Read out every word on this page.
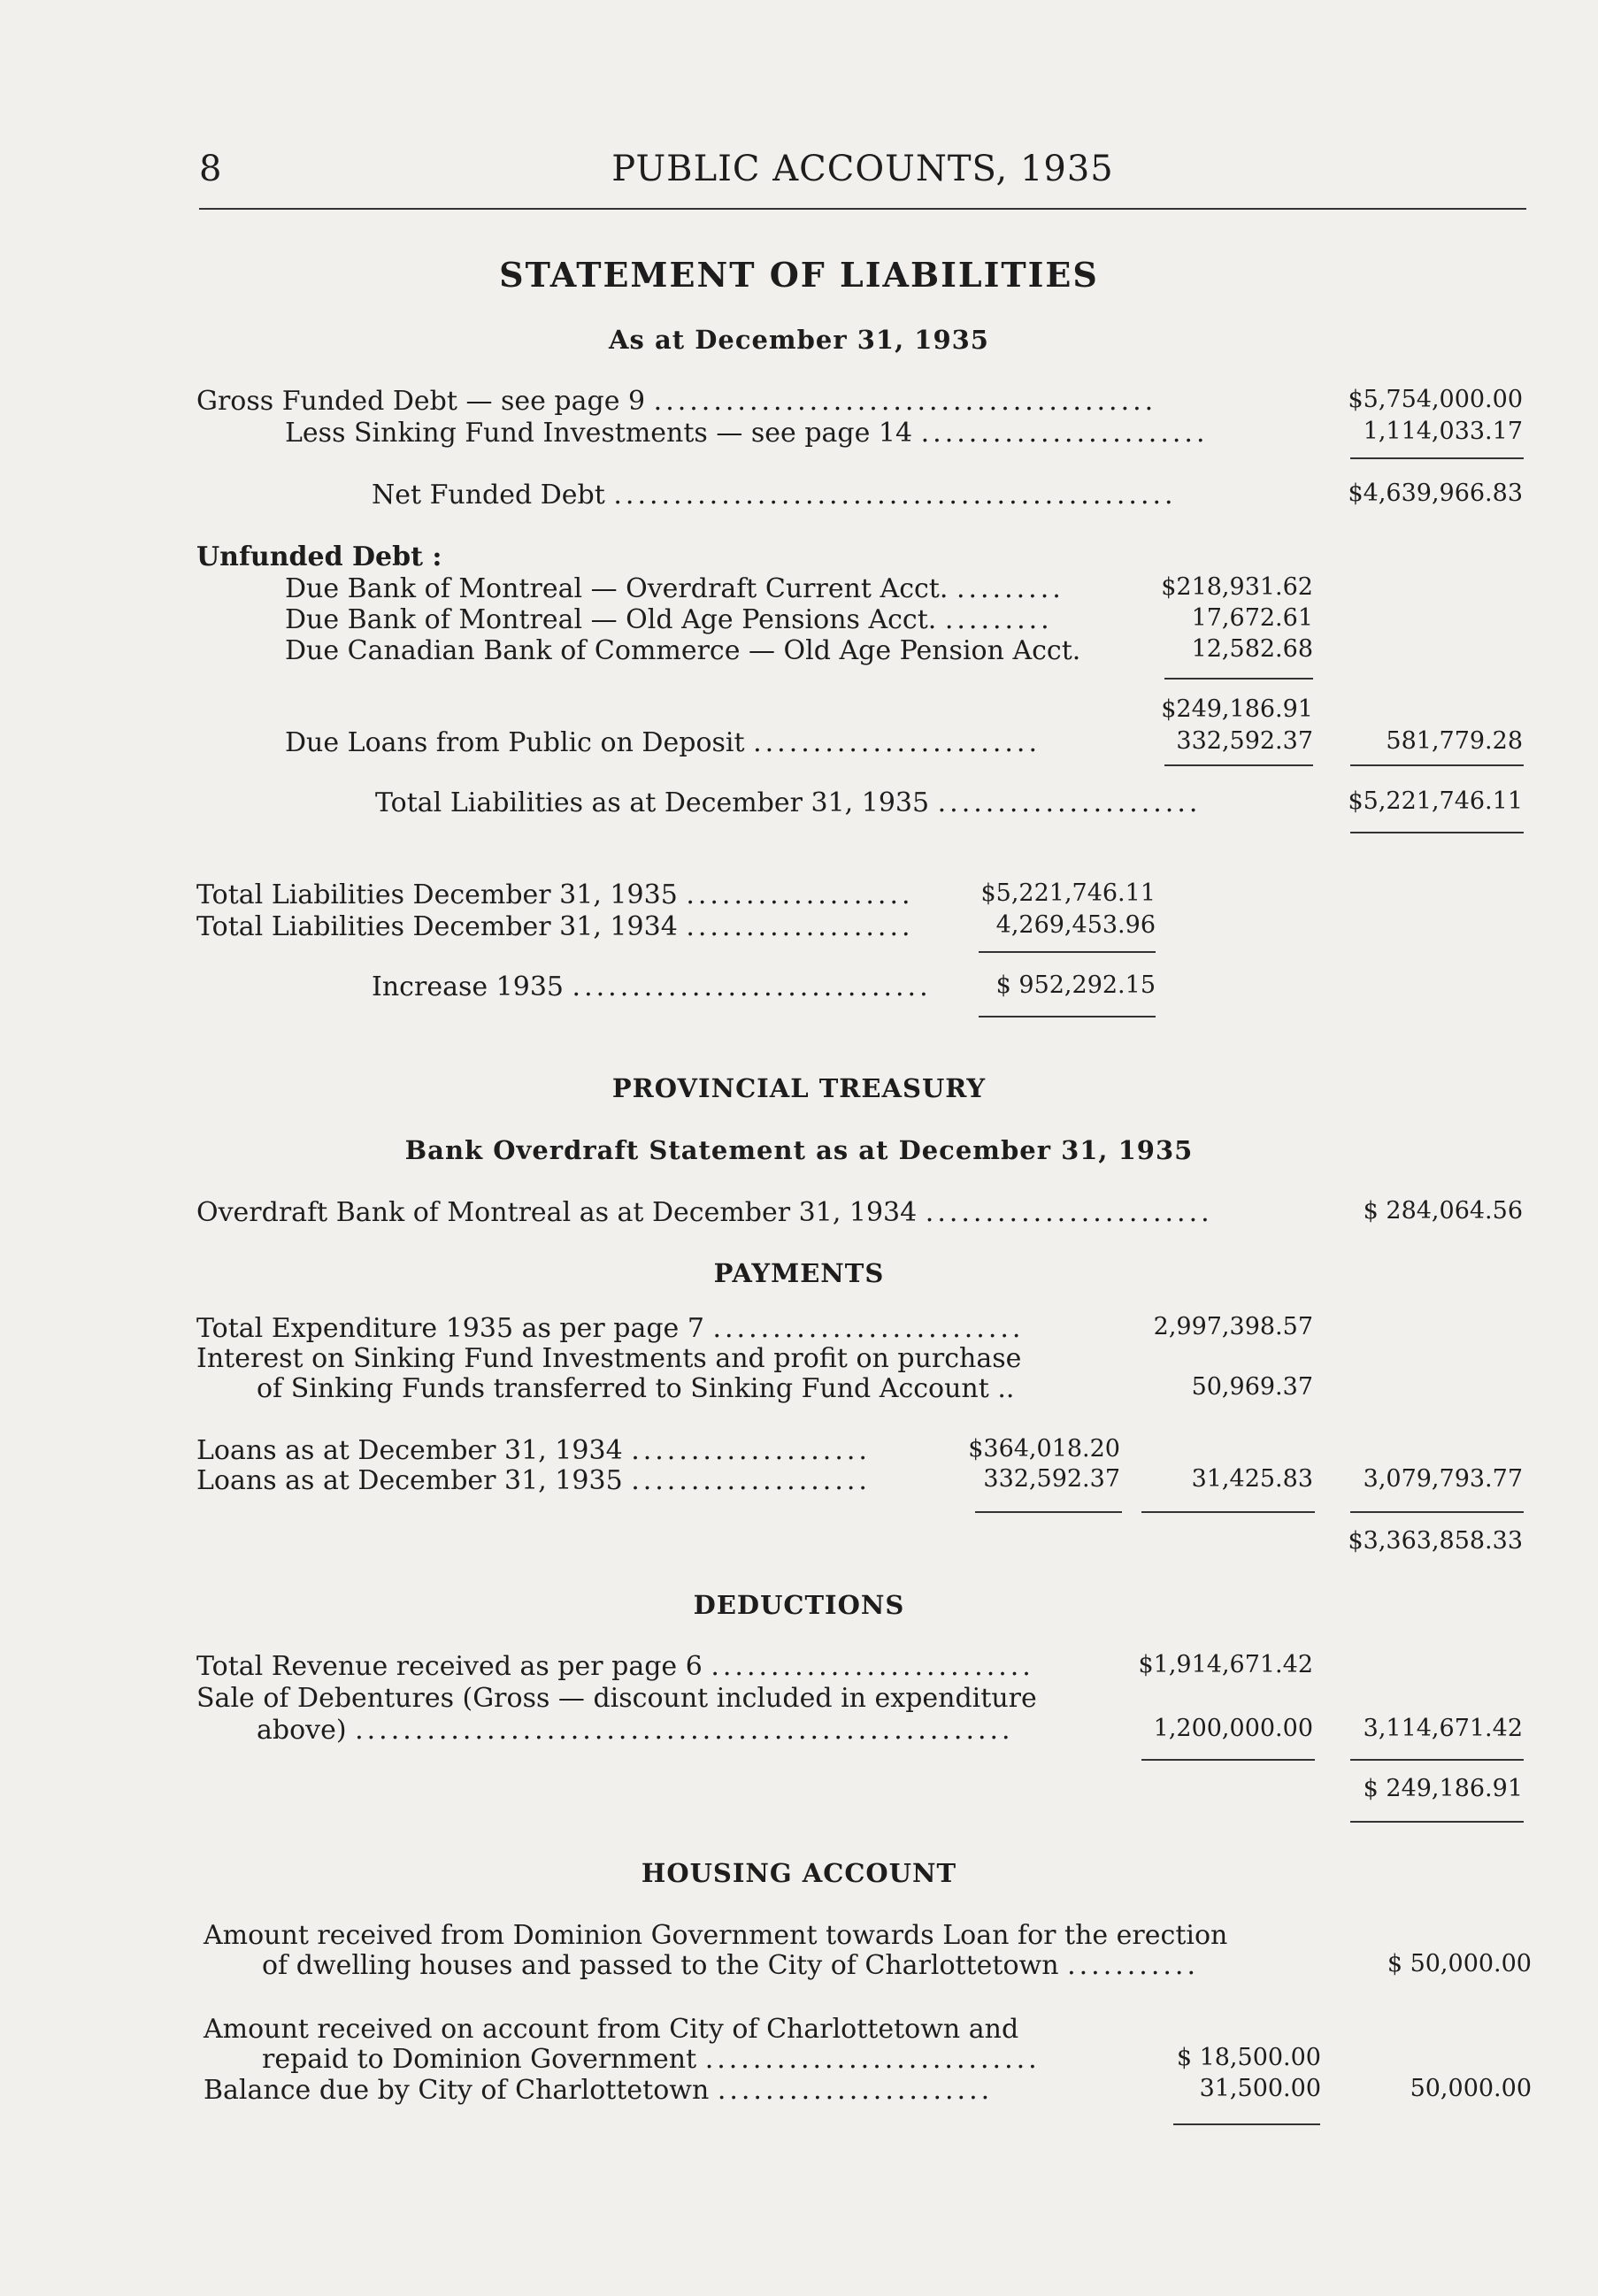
8	PUBLIC ACCOUNTS, 1935
STATEMENT OF LIABILITIES
As at December 31, 1935
Gross Funded Debt — see page 9 ..........................................	$5,754,000.00
Less Sinking Fund Investments — see page 14 ........................	1,114,033.17
Net Funded Debt ...............................................	$4,639,966.83
Unfunded Debt :
Due Bank of Montreal — Overdraft Current Acct. .........	$218,931.62
Due Bank of Montreal — Old Age Pensions Acct. .........	17,672.61
Due Canadian Bank of Commerce — Old Age Pension Acct.	12,582.68
$249,186.91
Due Loans from Public on Deposit ........................	332,592.37	581,779.28
Total Liabilities as at December 31, 1935 ......................	$5,221,746.11
Total Liabilities December 31, 1935 ...................	$5,221,746.11
Total Liabilities December 31, 1934 ...................	4,269,453.96
Increase 1935 ..............................	$ 952,292.15
PROVINCIAL TREASURY
Bank Overdraft Statement as at December 31, 1935
Overdraft Bank of Montreal as at December 31, 1934 ........................	$ 284,064.56
PAYMENTS
Total Expenditure 1935 as per page 7 ..........................	2,997,398.57
Interest on Sinking Fund Investments and profit on purchase
of Sinking Funds transferred to Sinking Fund Account ..	50,969.37
Loans as at December 31, 1934 ....................	$364,018.20
Loans as at December 31, 1935 ....................	332,592.37	31,425.83 3,079,793.77
$3,363,858.33
DEDUCTIONS
Total Revenue received as per page 6 ...........................	$1,914,671.42
Sale of Debentures (Gross — discount included in expenditure
above) .......................................................	1,200,000.00 3,114,671.42
$ 249,186.91
HOUSING ACCOUNT
Amount received from Dominion Government towards Loan for the erection
of dwelling houses and passed to the City of Charlottetown ...........	$ 50,000.00
Amount received on account from City of Charlottetown and
repaid to Dominion Government ............................	$ 18,500.00
Balance due by City of Charlottetown .......................	31,500.00	50,000.00
